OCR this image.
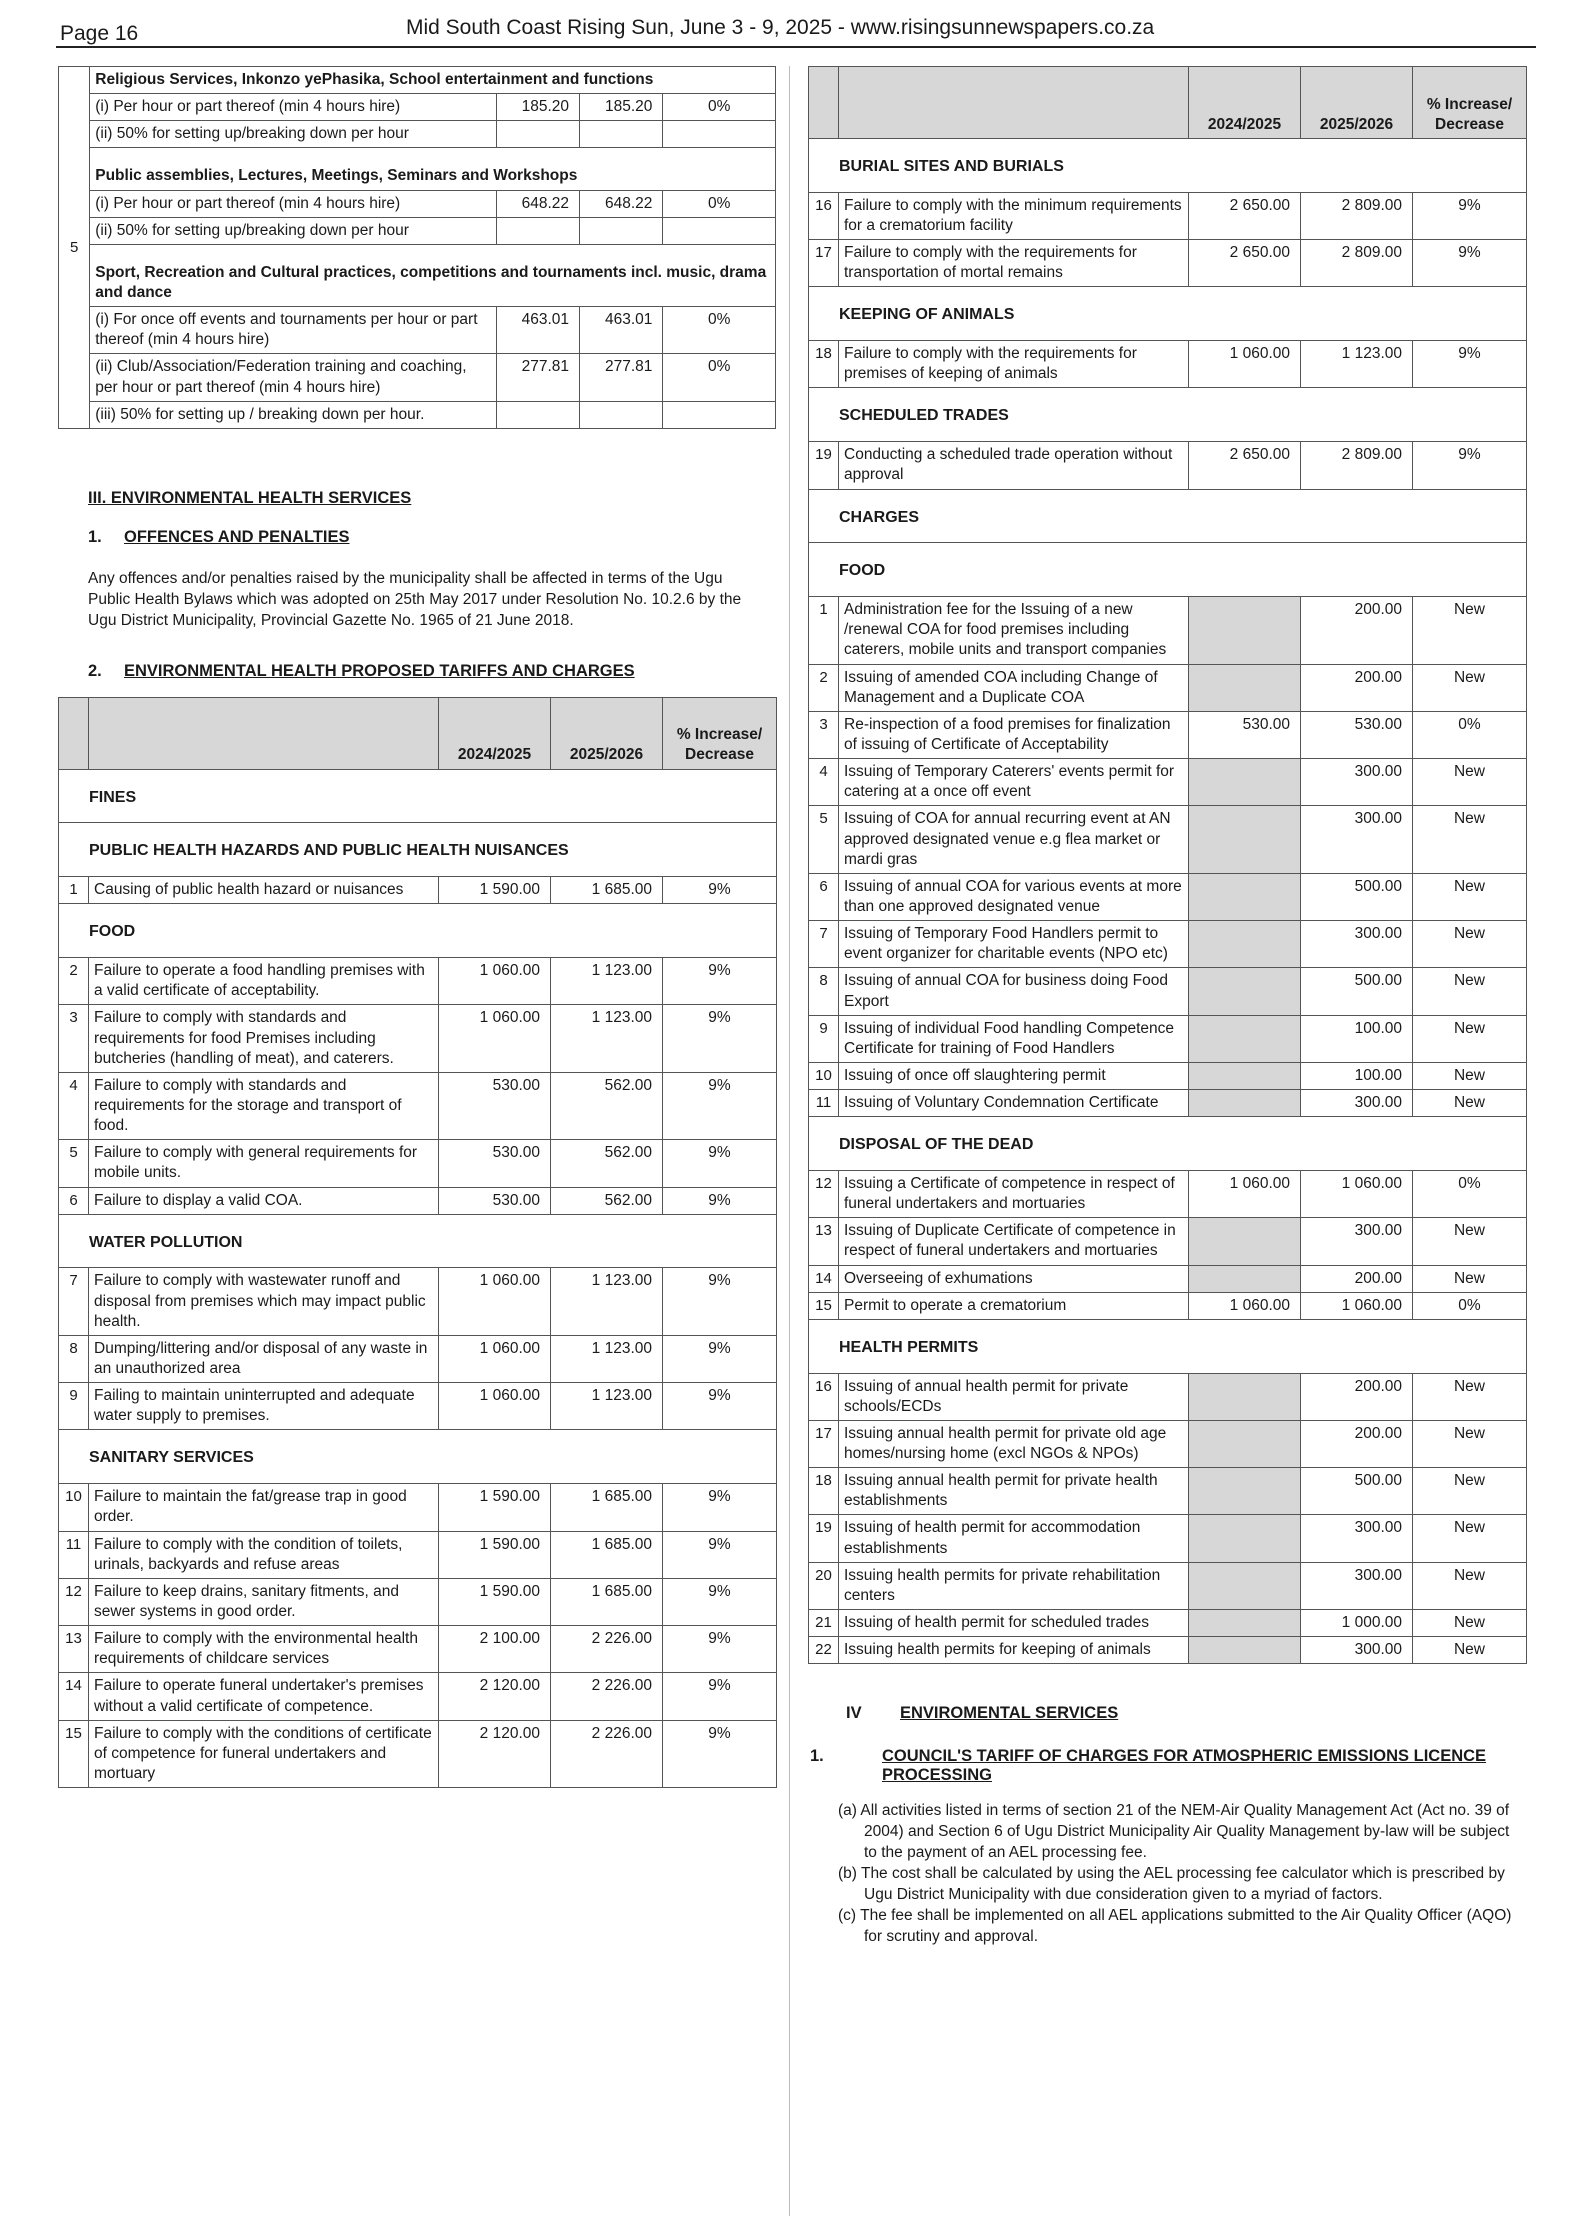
Page 16	Mid South Coast Rising Sun, June 3 - 9, 2025 - www.risingsunnewspapers.co.za
5	Religious Services, Inkonzo yePhasika, School entertainment and functions			
	(i) Per hour or part thereof (min 4 hours hire)	185.20	185.20	0%
	(ii) 50% for setting up/breaking down per hour			
	Public assemblies, Lectures, Meetings, Seminars and Workshops			
	(i) Per hour or part thereof (min 4 hours hire)	648.22	648.22	0%
	(ii) 50% for setting up/breaking down per hour			
	Sport, Recreation and Cultural practices, competitions and tournaments incl. music, drama and dance			
	(i) For once off events and tournaments per hour or part thereof (min 4 hours hire)	463.01	463.01	0%
	(ii) Club/Association/Federation training and coaching, per hour or part thereof (min 4 hours hire)	277.81	277.81	0%
	(iii) 50% for setting up / breaking down per hour.			
III. ENVIRONMENTAL HEALTH SERVICES
1. OFFENCES AND PENALTIES
Any offences and/or penalties raised by the municipality shall be affected in terms of the Ugu Public Health Bylaws which was adopted on 25th May 2017 under Resolution No. 10.2.6 by the Ugu District Municipality, Provincial Gazette No. 1965 of 21 June 2018.
2. ENVIRONMENTAL HEALTH PROPOSED TARIFFS AND CHARGES
		2024/2025	2025/2026	% Increase/ Decrease
FINES				
PUBLIC HEALTH HAZARDS AND PUBLIC HEALTH NUISANCES				
1	Causing of public health hazard or nuisances	1 590.00	1 685.00	9%
FOOD				
2	Failure to operate a food handling premises with a valid certificate of acceptability.	1 060.00	1 123.00	9%
3	Failure to comply with standards and requirements for food Premises including butcheries (handling of meat), and caterers.	1 060.00	1 123.00	9%
4	Failure to comply with standards and requirements for the storage and transport of food.	530.00	562.00	9%
5	Failure to comply with general requirements for mobile units.	530.00	562.00	9%
6	Failure to display a valid COA.	530.00	562.00	9%
WATER POLLUTION				
7	Failure to comply with wastewater runoff and disposal from premises which may impact public health.	1 060.00	1 123.00	9%
8	Dumping/littering and/or disposal of any waste in an unauthorized area	1 060.00	1 123.00	9%
9	Failing to maintain uninterrupted and adequate water supply to premises.	1 060.00	1 123.00	9%
SANITARY SERVICES				
10	Failure to maintain the fat/grease trap in good order.	1 590.00	1 685.00	9%
11	Failure to comply with the condition of toilets, urinals, backyards and refuse areas	1 590.00	1 685.00	9%
12	Failure to keep drains, sanitary fitments, and sewer systems in good order.	1 590.00	1 685.00	9%
13	Failure to comply with the environmental health requirements of childcare services	2 100.00	2 226.00	9%
14	Failure to operate funeral undertaker's premises without a valid certificate of competence.	2 120.00	2 226.00	9%
15	Failure to comply with the conditions of certificate of competence for funeral undertakers and mortuary	2 120.00	2 226.00	9%
		2024/2025	2025/2026	% Increase/ Decrease
BURIAL SITES AND BURIALS				
16	Failure to comply with the minimum requirements for a crematorium facility	2 650.00	2 809.00	9%
17	Failure to comply with the requirements for transportation of mortal remains	2 650.00	2 809.00	9%
KEEPING OF ANIMALS				
18	Failure to comply with the requirements for premises of keeping of animals	1 060.00	1 123.00	9%
SCHEDULED TRADES				
19	Conducting a scheduled trade operation without approval	2 650.00	2 809.00	9%
CHARGES				
FOOD				
1	Administration fee for the Issuing of a new /renewal COA for food premises including caterers, mobile units and transport companies		200.00	New
2	Issuing of amended COA including Change of Management and a Duplicate COA		200.00	New
3	Re-inspection of a food premises for finalization of issuing of Certificate of Acceptability	530.00	530.00	0%
4	Issuing of Temporary Caterers' events permit for catering at a once off event		300.00	New
5	Issuing of COA for annual recurring event at AN approved designated venue e.g flea market or mardi gras		300.00	New
6	Issuing of annual COA for various events at more than one approved designated venue		500.00	New
7	Issuing of Temporary Food Handlers permit to event organizer for charitable events (NPO etc)		300.00	New
8	Issuing of annual COA for business doing Food Export		500.00	New
9	Issuing of individual Food handling Competence Certificate for training of Food Handlers		100.00	New
10	Issuing of once off slaughtering permit		100.00	New
11	Issuing of Voluntary Condemnation Certificate		300.00	New
DISPOSAL OF THE DEAD				
12	Issuing a Certificate of competence in respect of funeral undertakers and mortuaries	1 060.00	1 060.00	0%
13	Issuing of Duplicate Certificate of competence in respect of funeral undertakers and mortuaries		300.00	New
14	Overseeing of exhumations		200.00	New
15	Permit to operate a crematorium	1 060.00	1 060.00	0%
HEALTH PERMITS				
16	Issuing of annual health permit for private schools/ECDs		200.00	New
17	Issuing annual health permit for private old age homes/nursing home (excl NGOs & NPOs)		200.00	New
18	Issuing annual health permit for private health establishments		500.00	New
19	Issuing of health permit for accommodation establishments		300.00	New
20	Issuing health permits for private rehabilitation centers		300.00	New
21	Issuing of health permit for scheduled trades		1 000.00	New
22	Issuing health permits for keeping of animals		300.00	New
IV ENVIROMENTAL SERVICES
1.	COUNCIL'S TARIFF OF CHARGES FOR ATMOSPHERIC EMISSIONS LICENCE PROCESSING
(a) All activities listed in terms of section 21 of the NEM-Air Quality Management Act (Act no. 39 of 2004) and Section 6 of Ugu District Municipality Air Quality Management by-law will be subject to the payment of an AEL processing fee.
(b) The cost shall be calculated by using the AEL processing fee calculator which is prescribed by Ugu District Municipality with due consideration given to a myriad of factors.
(c) The fee shall be implemented on all AEL applications submitted to the Air Quality Officer (AQO) for scrutiny and approval.
